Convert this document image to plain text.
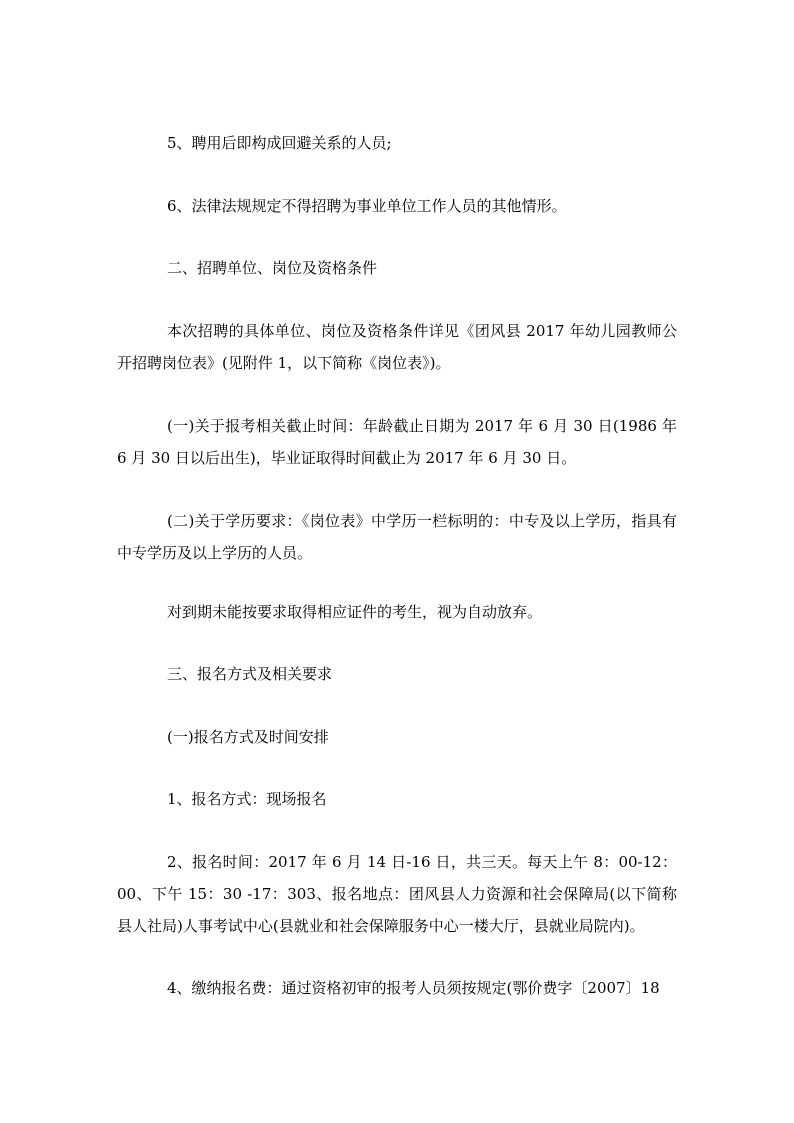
5、聘用后即构成回避关系的人员;

6、法律法规规定不得招聘为事业单位工作人员的其他情形。

二、招聘单位、岗位及资格条件

本次招聘的具体单位、岗位及资格条件详见《团风县 2017 年幼儿园教师公开招聘岗位表》(见附件 1，以下简称《岗位表》)。

(一)关于报考相关截止时间：年龄截止日期为 2017 年 6 月 30 日(1986 年 6 月 30 日以后出生)，毕业证取得时间截止为 2017 年 6 月 30 日。

(二)关于学历要求：《岗位表》中学历一栏标明的：中专及以上学历，指具有中专学历及以上学历的人员。

对到期未能按要求取得相应证件的考生，视为自动放弃。

三、报名方式及相关要求

(一)报名方式及时间安排

1、报名方式：现场报名

2、报名时间：2017 年 6 月 14 日-16 日，共三天。每天上午 8：00-12：00、下午 15：30 -17：303、报名地点：团风县人力资源和社会保障局(以下简称县人社局)人事考试中心(县就业和社会保障服务中心一楼大厅，县就业局院内)。

4、缴纳报名费：通过资格初审的报考人员须按规定(鄂价费字〔2007〕18
